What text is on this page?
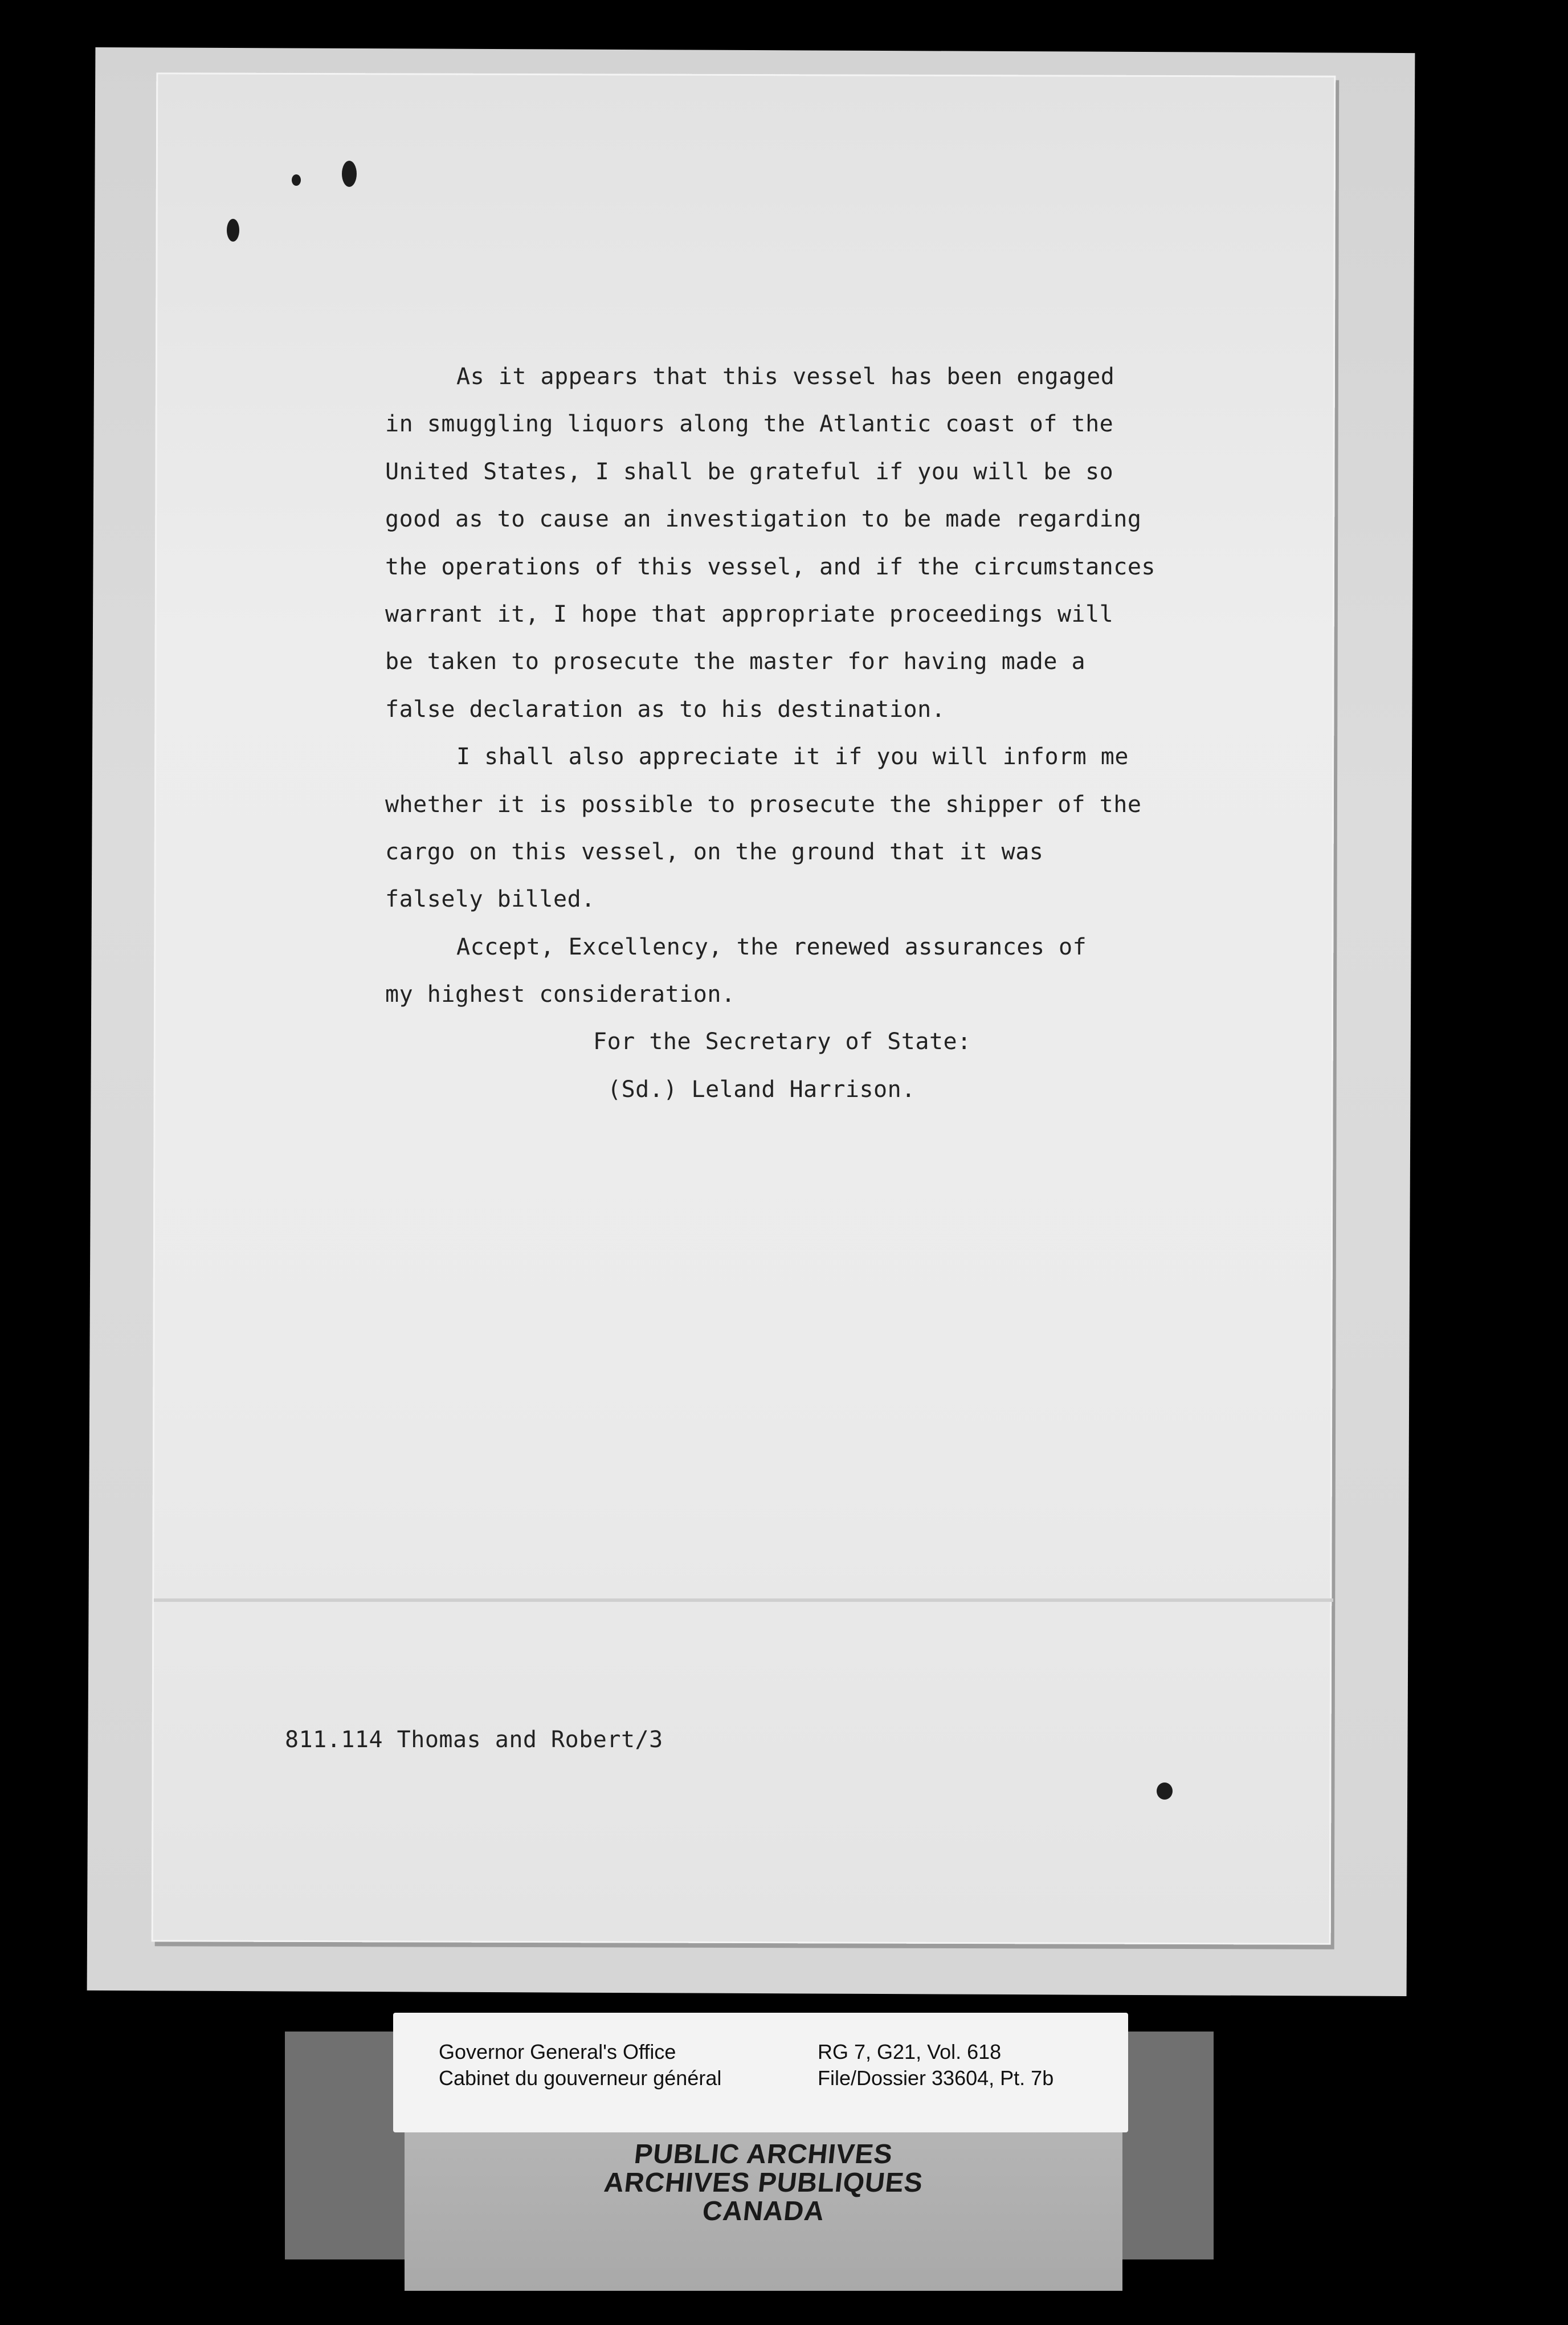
As it appears that this vessel has been engaged
in smuggling liquors along the Atlantic coast of the
United States, I shall be grateful if you will be so
good as to cause an investigation to be made regarding
the operations of this vessel, and if the circumstances
warrant it, I hope that appropriate proceedings will
be taken to prosecute the master for having made a
false declaration as to his destination.
I shall also appreciate it if you will inform me
whether it is possible to prosecute the shipper of the
cargo on this vessel, on the ground that it was
falsely billed.
Accept, Excellency, the renewed assurances of
my highest consideration.
For the Secretary of State:
(Sd.) Leland Harrison.
811.114 Thomas and Robert/3
Governor General's Office
Cabinet du gouverneur général
RG 7, G21, Vol. 618
File/Dossier 33604, Pt. 7b
PUBLIC ARCHIVES
ARCHIVES PUBLIQUES
CANADA
